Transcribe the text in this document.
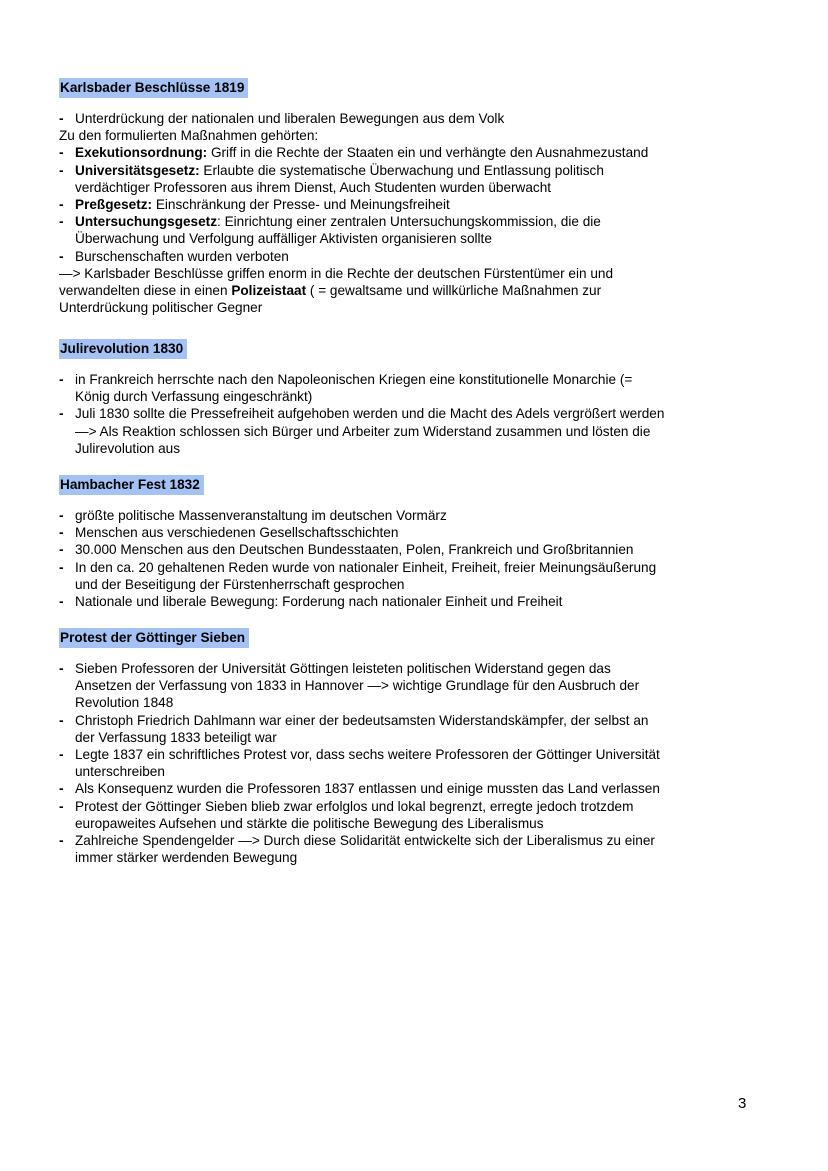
Karlsbader Beschlüsse 1819
- Unterdrückung der nationalen und liberalen Bewegungen aus dem Volk
Zu den formulierten Maßnahmen gehörten:
- Exekutionsordnung: Griff in die Rechte der Staaten ein und verhängte den Ausnahmezustand
- Universitätsgesetz: Erlaubte die systematische Überwachung und Entlassung politisch
verdächtiger Professoren aus ihrem Dienst, Auch Studenten wurden überwacht
- Preßgesetz: Einschränkung der Presse- und Meinungsfreiheit
- Untersuchungsgesetz: Einrichtung einer zentralen Untersuchungskommission, die die
Überwachung und Verfolgung auffälliger Aktivisten organisieren sollte
- Burschenschaften wurden verboten
—> Karlsbader Beschlüsse griffen enorm in die Rechte der deutschen Fürstentümer ein und
verwandelten diese in einen Polizeistaat ( = gewaltsame und willkürliche Maßnahmen zur
Unterdrückung politischer Gegner
Julirevolution 1830
- in Frankreich herrschte nach den Napoleonischen Kriegen eine konstitutionelle Monarchie (=
König durch Verfassung eingeschränkt)
- Juli 1830 sollte die Pressefreiheit aufgehoben werden und die Macht des Adels vergrößert werden
—> Als Reaktion schlossen sich Bürger und Arbeiter zum Widerstand zusammen und lösten die
Julirevolution aus
Hambacher Fest 1832
- größte politische Massenveranstaltung im deutschen Vormärz
- Menschen aus verschiedenen Gesellschaftsschichten
- 30.000 Menschen aus den Deutschen Bundesstaaten, Polen, Frankreich und Großbritannien
- In den ca. 20 gehaltenen Reden wurde von nationaler Einheit, Freiheit, freier Meinungsäußerung
und der Beseitigung der Fürstenherrschaft gesprochen
- Nationale und liberale Bewegung: Forderung nach nationaler Einheit und Freiheit
Protest der Göttinger Sieben
- Sieben Professoren der Universität Göttingen leisteten politischen Widerstand gegen das
Ansetzen der Verfassung von 1833 in Hannover —> wichtige Grundlage für den Ausbruch der
Revolution 1848
- Christoph Friedrich Dahlmann war einer der bedeutsamsten Widerstandskämpfer, der selbst an
der Verfassung 1833 beteiligt war
- Legte 1837 ein schriftliches Protest vor, dass sechs weitere Professoren der Göttinger Universität
unterschreiben
- Als Konsequenz wurden die Professoren 1837 entlassen und einige mussten das Land verlassen
- Protest der Göttinger Sieben blieb zwar erfolglos und lokal begrenzt, erregte jedoch trotzdem
europaweites Aufsehen und stärkte die politische Bewegung des Liberalismus
- Zahlreiche Spendengelder —> Durch diese Solidarität entwickelte sich der Liberalismus zu einer
immer stärker werdenden Bewegung
3
